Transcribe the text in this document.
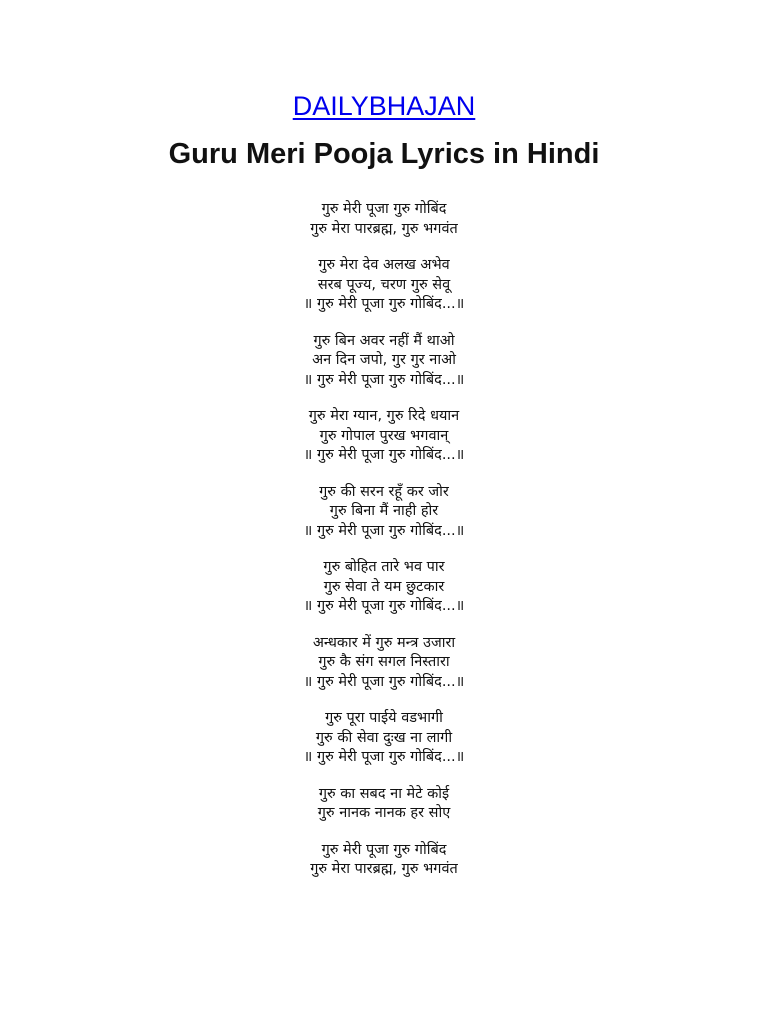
DAILYBHAJAN
Guru Meri Pooja Lyrics in Hindi
गुरु मेरी पूजा गुरु गोबिंद
गुरु मेरा पारब्रह्म, गुरु भगवंत
गुरु मेरा देव अलख अभेव
सरब पूज्य, चरण गुरु सेवू
॥ गुरु मेरी पूजा गुरु गोबिंद...॥
गुरु बिन अवर नहीं मैं थाओ
अन दिन जपो, गुर गुर नाओ
॥ गुरु मेरी पूजा गुरु गोबिंद...॥
गुरु मेरा ग्यान, गुरु रिदे धयान
गुरु गोपाल पुरख भगवान्
॥ गुरु मेरी पूजा गुरु गोबिंद...॥
गुरु की सरन रहूँ कर जोर
गुरु बिना मैं नाही होर
॥ गुरु मेरी पूजा गुरु गोबिंद...॥
गुरु बोहित तारे भव पार
गुरु सेवा ते यम छुटकार
॥ गुरु मेरी पूजा गुरु गोबिंद...॥
अन्धकार में गुरु मन्त्र उजारा
गुरु कै संग सगल निस्तारा
॥ गुरु मेरी पूजा गुरु गोबिंद...॥
गुरु पूरा पाईये वडभागी
गुरु की सेवा दुःख ना लागी
॥ गुरु मेरी पूजा गुरु गोबिंद...॥
गुरु का सबद ना मेटे कोई
गुरु नानक नानक हर सोए
गुरु मेरी पूजा गुरु गोबिंद
गुरु मेरा पारब्रह्म, गुरु भगवंत
